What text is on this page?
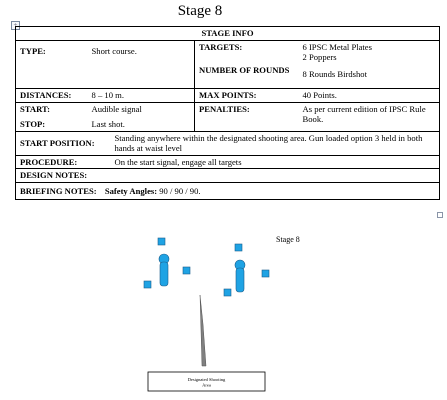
Stage 8
+
STAGE INFO			
TYPE:	Short course.	TARGETS:	6 IPSC Metal Plates
2 Poppers

		NUMBER OF ROUNDS	8 Rounds Birdshot
DISTANCES:	8 – 10 m.	MAX POINTS:	40 Points.
START:	Audible signal	PENALTIES:	As per current edition of IPSC Rule Book.
STOP:	Last shot.		
START POSITION:	Standing anywhere within the designated shooting area. Gun loaded option 3 held in both hands at waist level		
PROCEDURE:	On the start signal, engage all targets		
DESIGN NOTES:			
BRIEFING NOTES: Safety Angles: 90 / 90 / 90.			
Stage 8
Designated Shooting
Area
